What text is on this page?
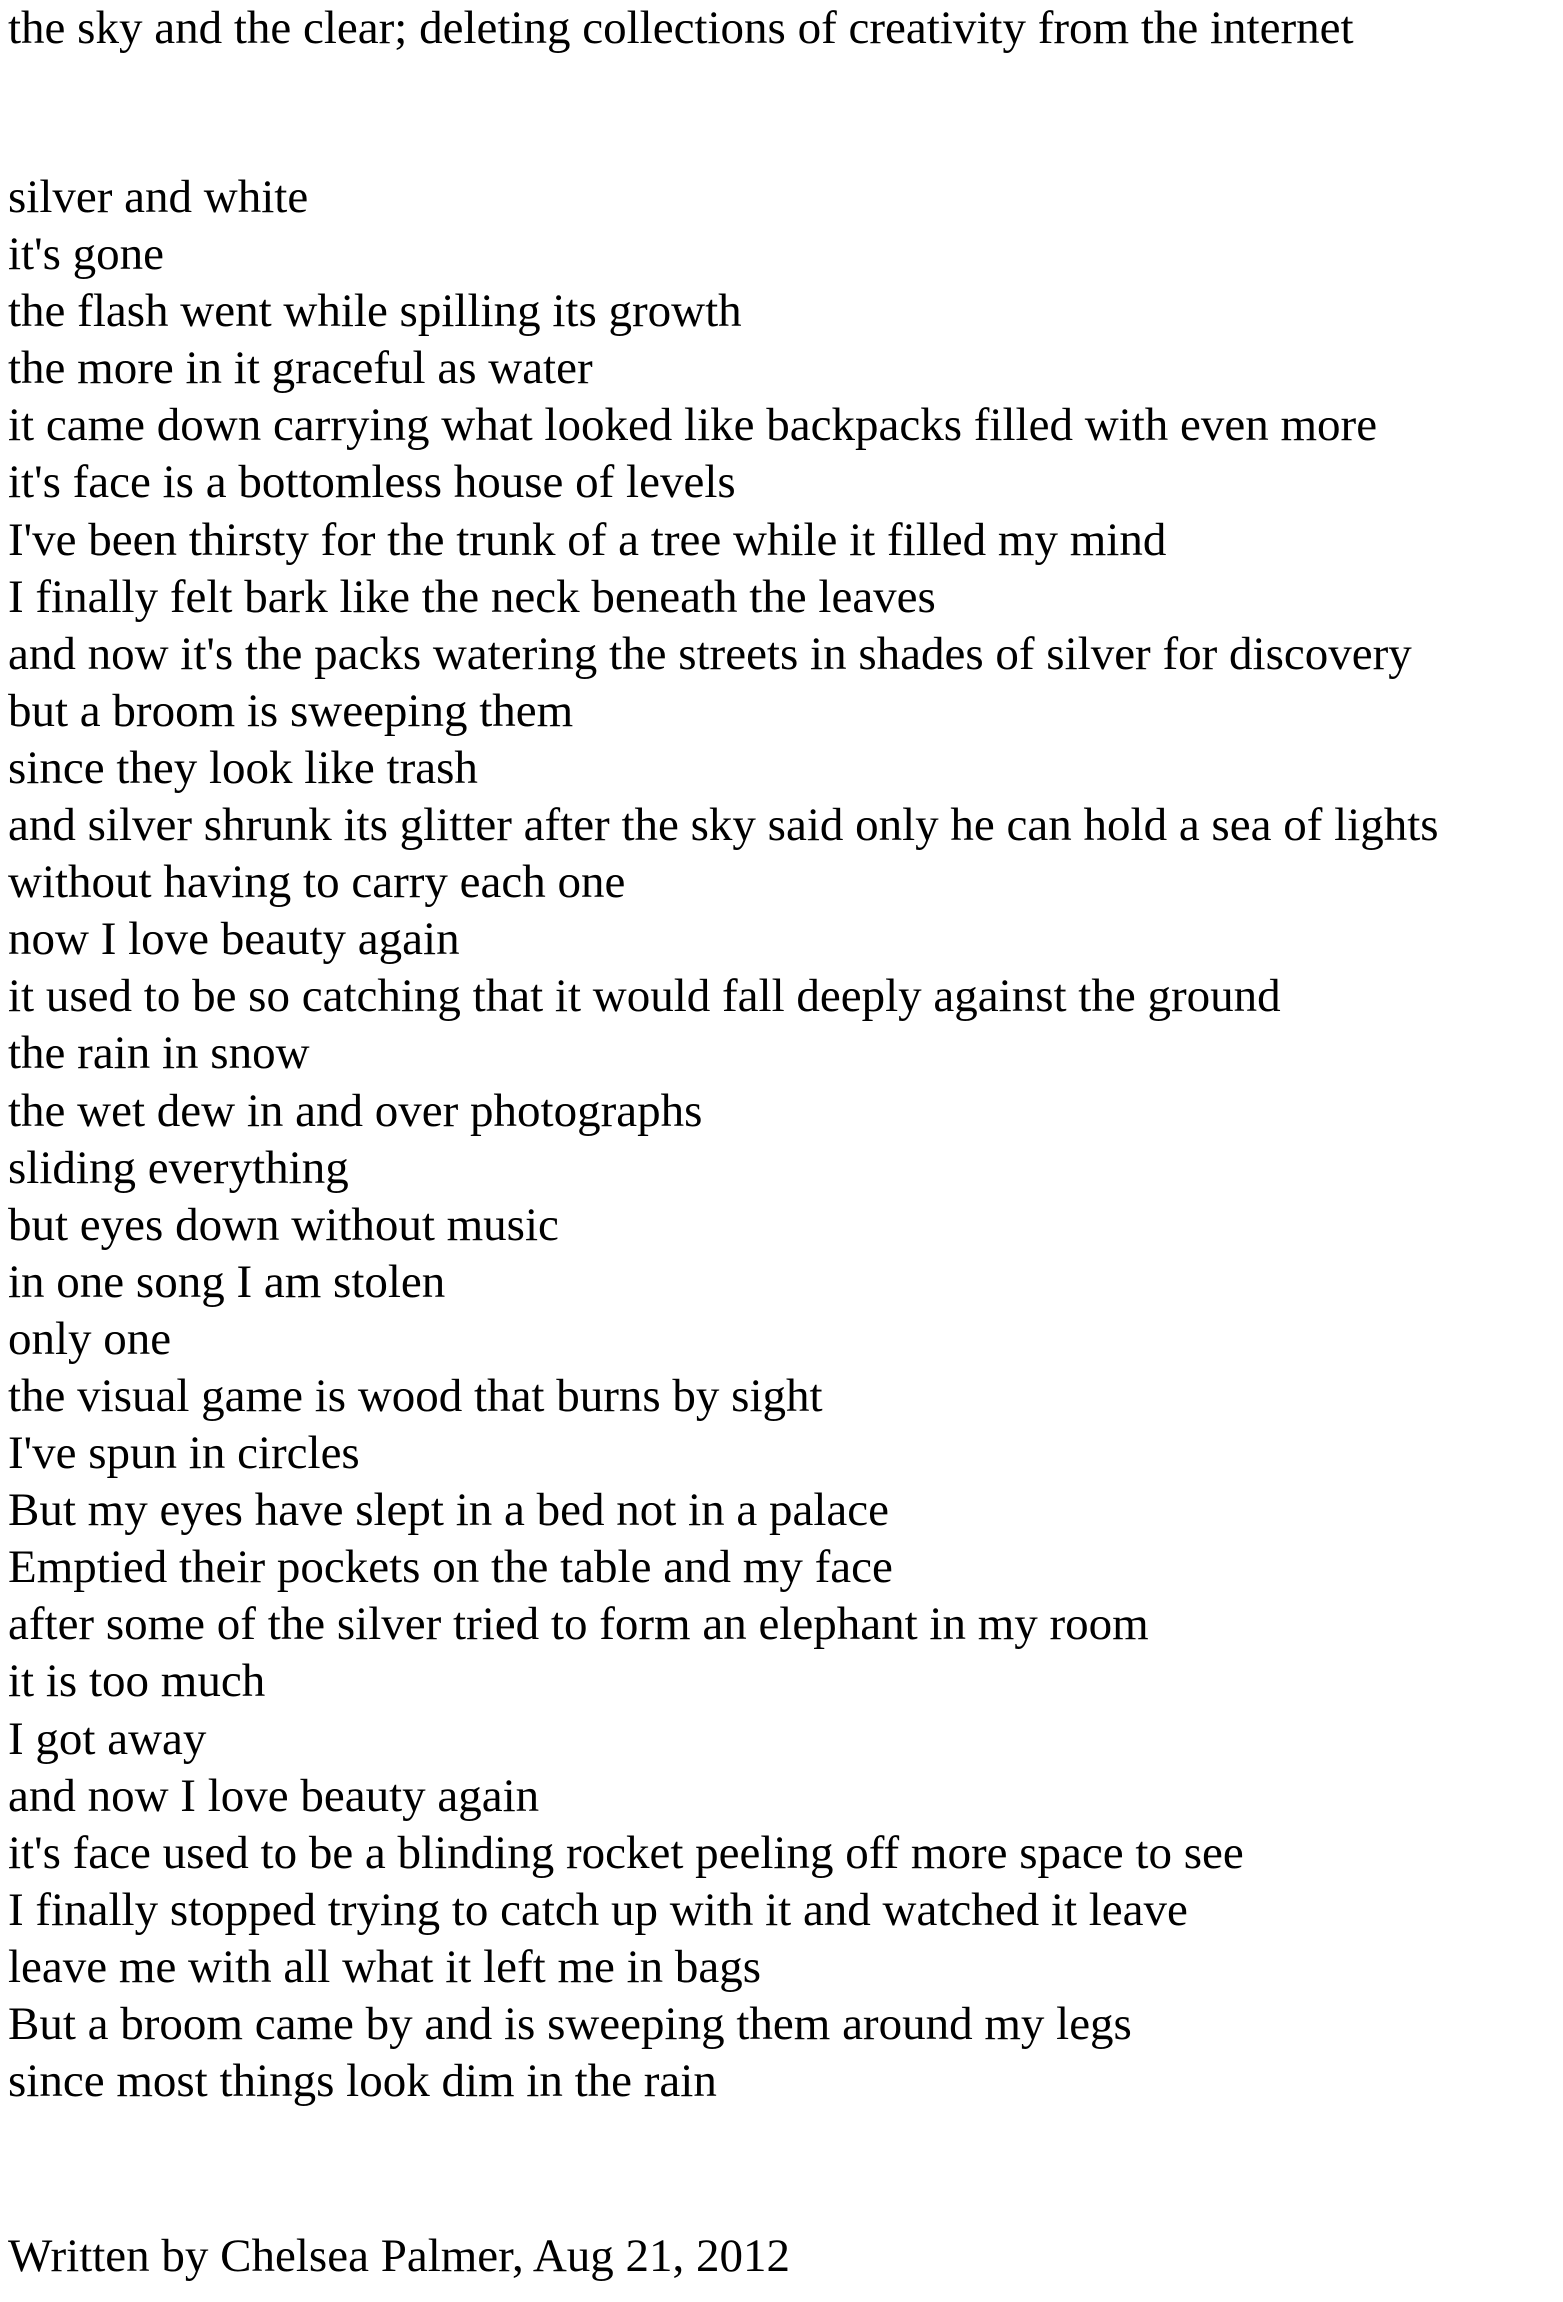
the sky and the clear; deleting collections of creativity from the internet
silver and white
it's gone
the flash went while spilling its growth
the more in it graceful as water
it came down carrying what looked like backpacks filled with even more
it's face is a bottomless house of levels
I've been thirsty for the trunk of a tree while it filled my mind
I finally felt bark like the neck beneath the leaves
and now it's the packs watering the streets in shades of silver for discovery
but a broom is sweeping them
since they look like trash
and silver shrunk its glitter after the sky said only he can hold a sea of lights
without having to carry each one
now I love beauty again
it used to be so catching that it would fall deeply against the ground
the rain in snow
the wet dew in and over photographs
sliding everything
but eyes down without music
in one song I am stolen
only one
the visual game is wood that burns by sight
I've spun in circles
But my eyes have slept in a bed not in a palace
Emptied their pockets on the table and my face
after some of the silver tried to form an elephant in my room
it is too much
I got away
and now I love beauty again
it's face used to be a blinding rocket peeling off more space to see
I finally stopped trying to catch up with it and watched it leave
leave me with all what it left me in bags
But a broom came by and is sweeping them around my legs
since most things look dim in the rain
Written by Chelsea Palmer, Aug 21, 2012
